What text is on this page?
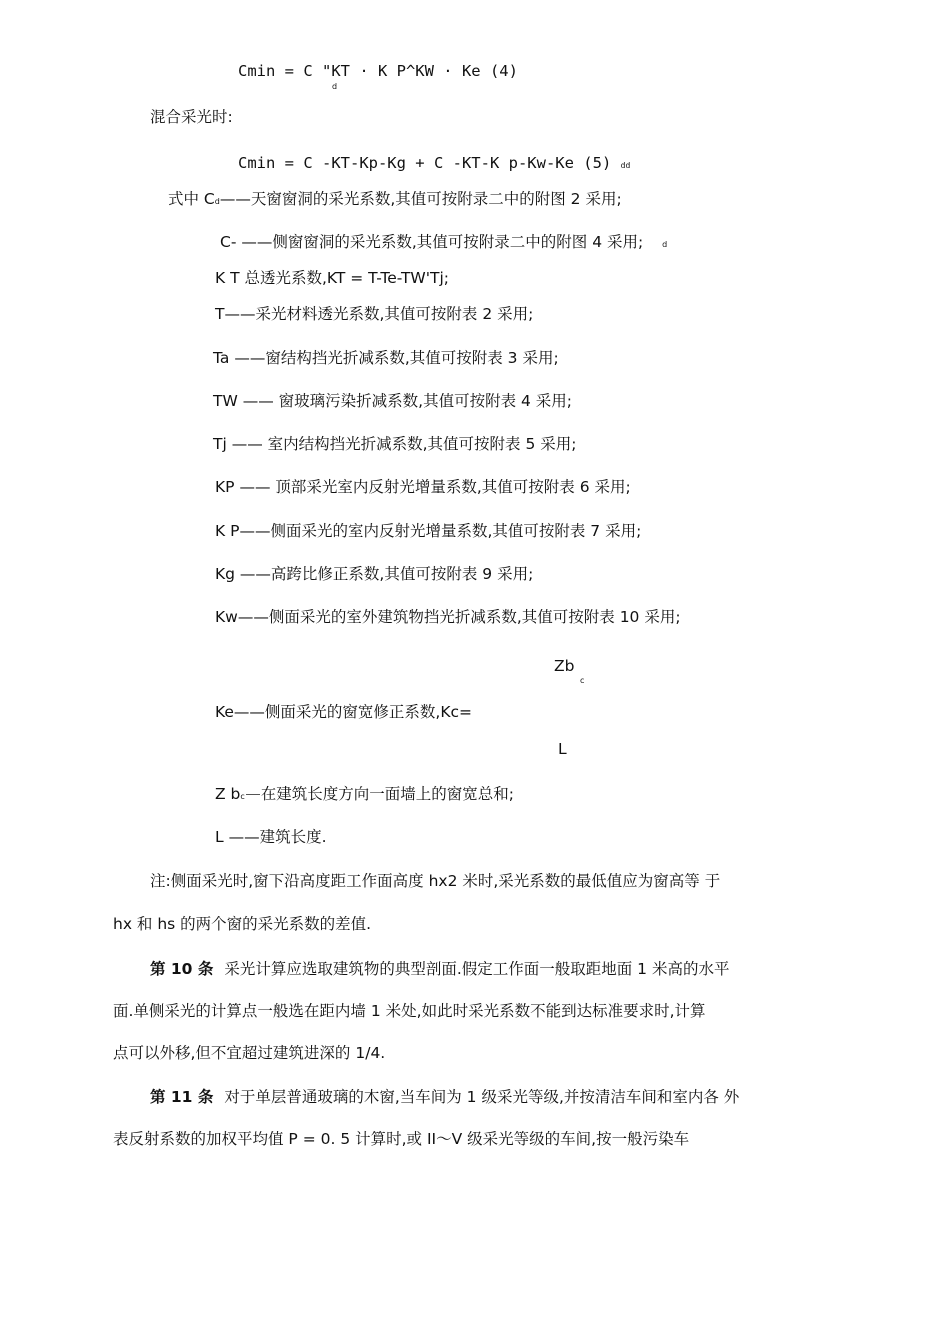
Cmin = C "KT · K P^KW · Ke (4)
d
混合采光时:
Cmin = C -KT-Kp-Kg + C -KT-K p-Kw-Ke (5) dd
式中 Cd——天窗窗洞的采光系数,其值可按附录二中的附图 2 采用;
C- ——侧窗窗洞的采光系数,其值可按附录二中的附图 4 采用; d
K T 总透光系数,KT = T-Te-TW'Tj;
T——采光材料透光系数,其值可按附表 2 采用;
Ta ——窗结构挡光折减系数,其值可按附表 3 采用;
TW —— 窗玻璃污染折减系数,其值可按附表 4 采用;
Tj —— 室内结构挡光折减系数,其值可按附表 5 采用;
KP —— 顶部采光室内反射光增量系数,其值可按附表 6 采用;
K P——侧面采光的室内反射光增量系数,其值可按附表 7 采用;
Kg ——高跨比修正系数,其值可按附表 9 采用;
Kw——侧面采光的室外建筑物挡光折减系数,其值可按附表 10 采用;
Zb
c
Ke——侧面采光的窗宽修正系数,Kc=
L
Z bc 在建筑长度方向一面墙上的窗宽总和;
L ——建筑长度.
注:侧面采光时,窗下沿高度距工作面高度 hx2 米时,采光系数的最低值应为窗高等 于
hx 和 hs 的两个窗的采光系数的差值.
第 10 条 采光计算应选取建筑物的典型剖面.假定工作面一般取距地面 1 米高的水平
面.单侧采光的计算点一般选在距内墙 1 米处,如此时采光系数不能到达标准要求时,计算
点可以外移,但不宜超过建筑进深的 1/4.
第 11 条 对于单层普通玻璃的木窗,当车间为 1 级采光等级,并按清洁车间和室内各 外
表反射系数的加权平均值 P = 0. 5 计算时,或 II〜V 级采光等级的车间,按一般污染车
